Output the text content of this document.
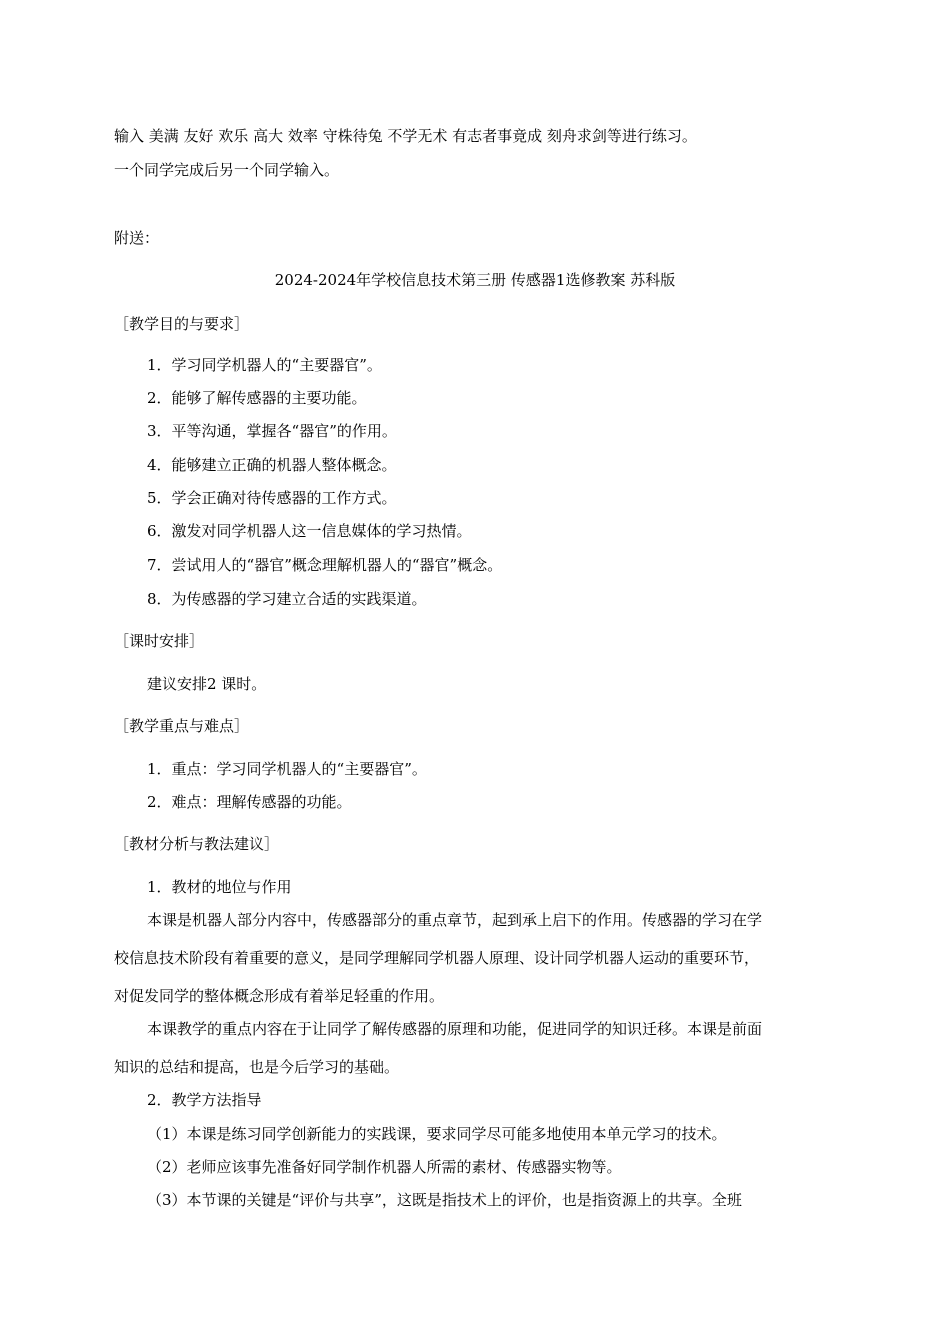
输入 美满 友好 欢乐 高大 效率 守株待兔 不学无术 有志者事竟成 刻舟求剑等进行练习。
一个同学完成后另一个同学输入。
附送：
2024-2024年学校信息技术第三册 传感器1选修教案 苏科版
［教学目的与要求］
1．学习同学机器人的“主要器官”。
2．能够了解传感器的主要功能。
3．平等沟通，掌握各“器官”的作用。
4．能够建立正确的机器人整体概念。
5．学会正确对待传感器的工作方式。
6．激发对同学机器人这一信息媒体的学习热情。
7．尝试用人的“器官”概念理解机器人的“器官”概念。
8．为传感器的学习建立合适的实践渠道。
［课时安排］
建议安排2 课时。
［教学重点与难点］
1．重点：学习同学机器人的“主要器官”。
2．难点：理解传感器的功能。
［教材分析与教法建议］
1．教材的地位与作用
本课是机器人部分内容中，传感器部分的重点章节，起到承上启下的作用。传感器的学习在学
校信息技术阶段有着重要的意义，是同学理解同学机器人原理、设计同学机器人运动的重要环节，
对促发同学的整体概念形成有着举足轻重的作用。
本课教学的重点内容在于让同学了解传感器的原理和功能，促进同学的知识迁移。本课是前面
知识的总结和提高，也是今后学习的基础。
2．教学方法指导
（1）本课是练习同学创新能力的实践课，要求同学尽可能多地使用本单元学习的技术。
（2）老师应该事先准备好同学制作机器人所需的素材、传感器实物等。
（3）本节课的关键是“评价与共享”，这既是指技术上的评价，也是指资源上的共享。全班
